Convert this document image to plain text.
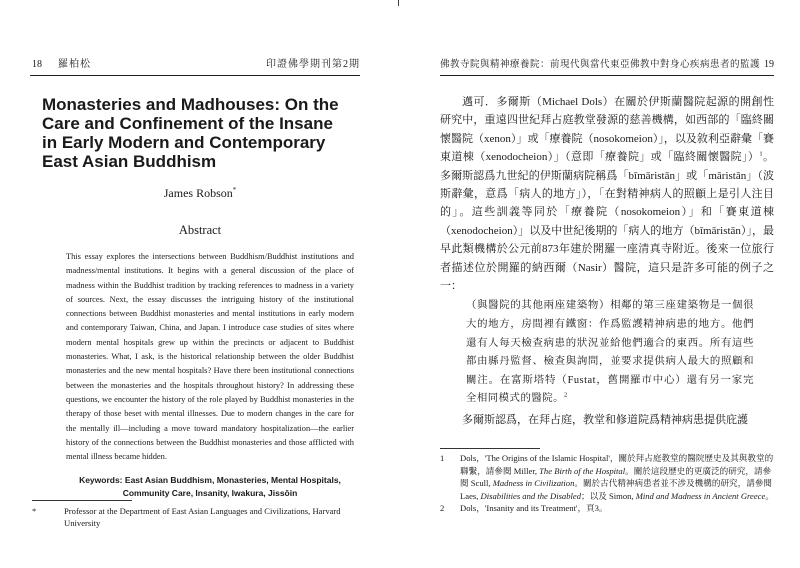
18 羅柏松	印證佛學期刊第2期
Monasteries and Madhouses: On the Care and Confinement of the Insane in Early Modern and Contemporary East Asian Buddhism
James Robson*
Abstract

This essay explores the intersections between Buddhism/Buddhist institutions and madness/mental institutions. It begins with a general discussion of the place of madness within the Buddhist tradition by tracking references to madness in a variety of sources. Next, the essay discusses the intriguing history of the institutional connections between Buddhist monasteries and mental institutions in early modern and contemporary Taiwan, China, and Japan. I introduce case studies of sites where modern mental hospitals grew up within the precincts or adjacent to Buddhist monasteries. What, I ask, is the historical relationship between the older Buddhist monasteries and the new mental hospitals? Have there been institutional connections between the monasteries and the hospitals throughout history? In addressing these questions, we encounter the history of the role played by Buddhist monasteries in the therapy of those beset with mental illnesses. Due to modern changes in the care for the mentally ill—including a move toward mandatory hospitalization—the earlier history of the connections between the Buddhist monasteries and those afflicted with mental illness became hidden.

Keywords: East Asian Buddhism, Monasteries, Mental Hospitals, Community Care, Insanity, Iwakura, Jissōin

*	Professor at the Department of East Asian Languages and Civilizations, Harvard University

佛教寺院與精神療養院：前現代與當代東亞佛教中對身心疾病患者的監護 19

邁可．多爾斯（Michael Dols）在關於伊斯蘭醫院起源的開創性研究中，重遠四世紀拜占庭教堂發源的慈善機構，如西部的「臨終關懷醫院（xenon）」或「療養院（nosokomeion）」，以及敘利亞辭彙「賽東道棟（xenodocheion）」（意即「療養院」或「臨終關懷醫院」）$^1$。多爾斯認爲九世紀的伊斯蘭病院稱爲「bīmāristān」或「māristān」（波斯辭彙，意爲「病人的地方」），「在對精神病人的照顧上是引人注目的」。這些訓義等同於「療養院（nosokomeion）」和「賽東道棟（xenodocheion）」以及中世紀後期的「病人的地方（bīmāristān）」，最早此類機構於公元前873年建於開羅一座清真寺附近。後來一位旅行者描述位於開羅的納西爾（Nasir）醫院，這只是許多可能的例子之一：

（與醫院的其他兩座建築物）相鄰的第三座建築物是一個很大的地方，房間裡有鐵窗：作爲監護精神病患的地方。他們還有人每天檢查病患的狀況並給他們適合的東西。所有這些都由縣丹監督、檢查與詢問，並要求提供病人最大的照顧和關注。在富斯塔特（Fustat，舊開羅市中心）還有另一家完全相同模式的醫院。$^2$

多爾斯認爲，在拜占庭，教堂和修道院爲精神病患提供庇護

1 Dols，'The Origins of the Islamic Hospital'，關於拜占庭教堂的醫院歷史及其與教堂的聯繫，請參閱 Miller, The Birth of the Hospital。關於這段歷史的更廣泛的研究，請參閱 Scull, Madness in Civilization。關於古代精神病患者並不涉及機構的研究，請參閱 Laes, Disabilities and the Disabled；以及 Simon, Mind and Madness in Ancient Greece。
2 Dols，'Insanity and its Treatment'，頁3。
